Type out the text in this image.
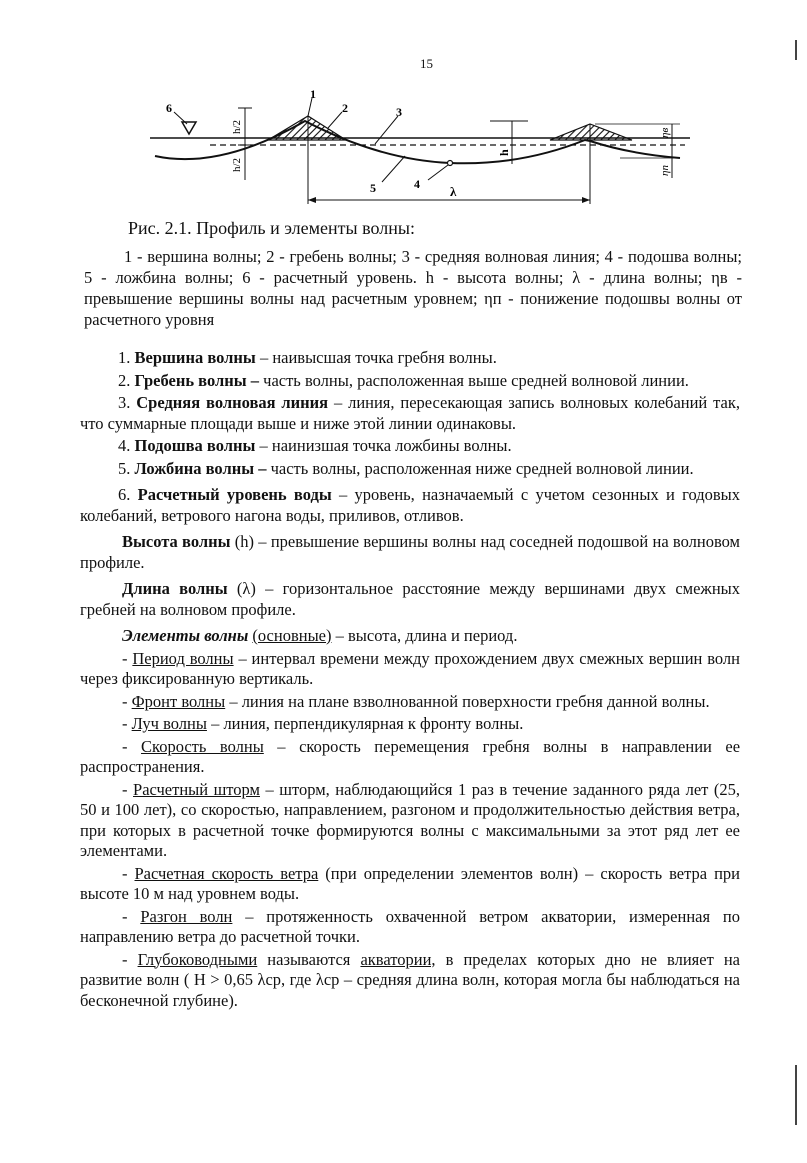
15
6
1
2	3
5	4
h/2
h/2
λ
h
ηв
ηп
Рис. 2.1. Профиль и элементы волны:

1 - вершина волны; 2 - гребень волны; 3 - средняя волновая линия; 4 - подошва волны; 5 - ложбина волны; 6 - расчетный уровень. h - высота волны; λ - длина волны; ηв - превышение вершины волны над расчетным уровнем; ηп - понижение подошвы волны от расчетного уровня

1. Вершина волны – наивысшая точка гребня волны.

2. Гребень волны – часть волны, расположенная выше средней волновой линии.

3. Средняя волновая линия – линия, пересекающая запись волновых колебаний так, что суммарные площади выше и ниже этой линии одинаковы.

4. Подошва волны – наинизшая точка ложбины волны.

5. Ложбина волны – часть волны, расположенная ниже средней волновой линии.

6. Расчетный уровень воды – уровень, назначаемый с учетом сезонных и годовых колебаний, ветрового нагона воды, приливов, отливов.

Высота волны (h) – превышение вершины волны над соседней подошвой на волновом профиле.

Длина волны (λ) – горизонтальное расстояние между вершинами двух смежных гребней на волновом профиле.

Элементы волны (основные) – высота, длина и период.

- Период волны – интервал времени между прохождением двух смежных вершин волн через фиксированную вертикаль.

- Фронт волны – линия на плане взволнованной поверхности гребня данной волны.

- Луч волны – линия, перпендикулярная к фронту волны.

- Скорость волны – скорость перемещения гребня волны в направлении ее распространения.

- Расчетный шторм – шторм, наблюдающийся 1 раз в течение заданного ряда лет (25, 50 и 100 лет), со скоростью, направлением, разгоном и продолжительностью действия ветра, при которых в расчетной точке формируются волны с максимальными за этот ряд лет ее элементами.

- Расчетная скорость ветра (при определении элементов волн) – скорость ветра при высоте 10 м над уровнем воды.

- Разгон волн – протяженность охваченной ветром акватории, измеренная по направлению ветра до расчетной точки.

- Глубоководными называются акватории, в пределах которых дно не влияет на развитие волн ( H > 0,65 λср, где λср – средняя длина волн, которая могла бы наблюдаться на бесконечной глубине).
